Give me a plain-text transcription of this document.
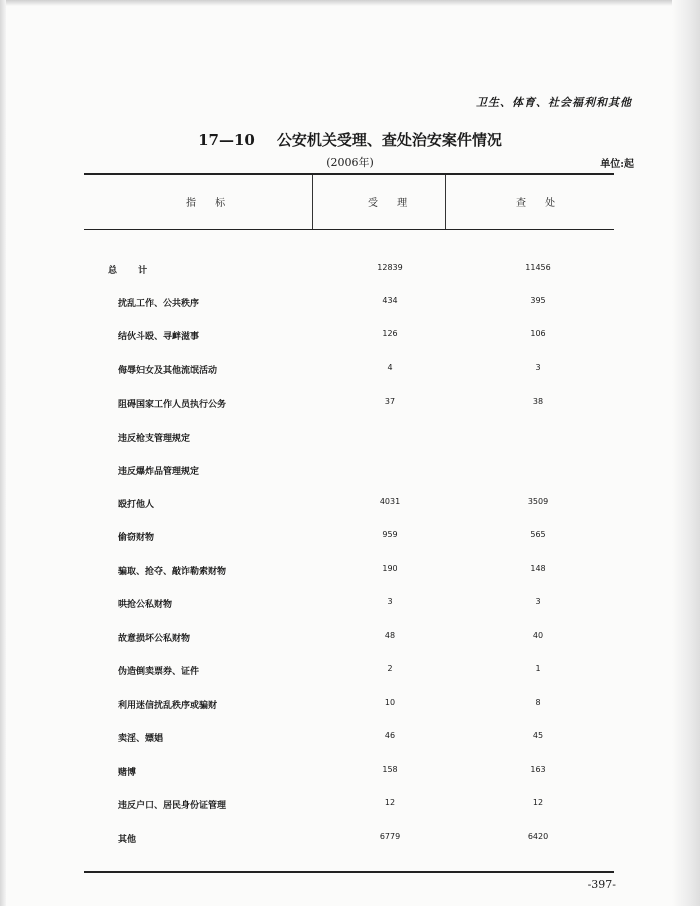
卫生、体育、社会福利和其他
17—10 公安机关受理、查处治安案件情况
(2006年)	单位:起
指 标	受 理	查 处
总 计	12839	11456
扰乱工作、公共秩序	434	395
结伙斗殴、寻衅滋事	126	106
侮辱妇女及其他流氓活动	4	3
阻碍国家工作人员执行公务	37	38
违反枪支管理规定
违反爆炸品管理规定
殴打他人	4031	3509
偷窃财物	959	565
骗取、抢夺、敲诈勒索财物	190	148
哄抢公私财物	3	3
故意损坏公私财物	48	40
伪造倒卖票券、证件	2	1
利用迷信扰乱秩序或骗财	10	8
卖淫、嫖娼	46	45
赌博	158	163
违反户口、居民身份证管理	12	12
其他	6779	6420
-397-
